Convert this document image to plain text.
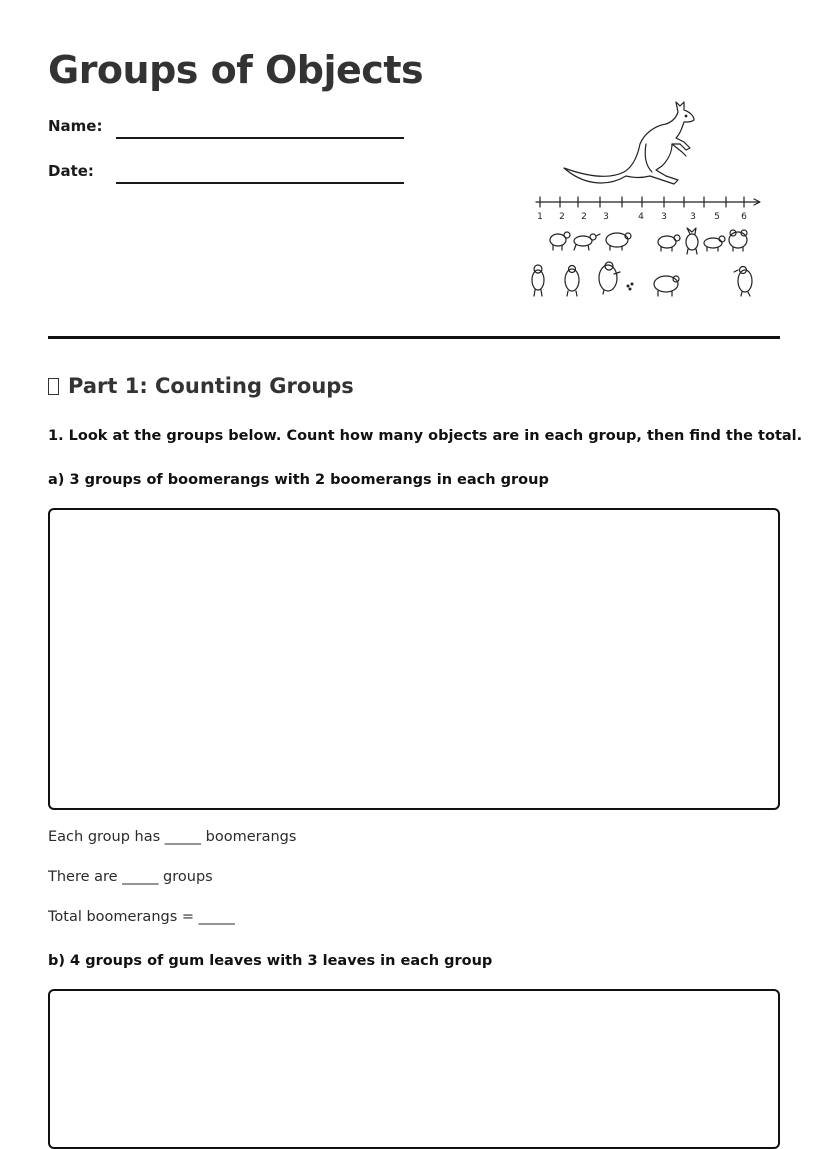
Groups of Objects
Name:
Date:
1 2 2 3	4 3	3 5 6
Part 1: Counting Groups

1. Look at the groups below. Count how many objects are in each group, then find the total.

a) 3 groups of boomerangs with 2 boomerangs in each group

Each group has _____ boomerangs

There are _____ groups

Total boomerangs = _____

b) 4 groups of gum leaves with 3 leaves in each group
